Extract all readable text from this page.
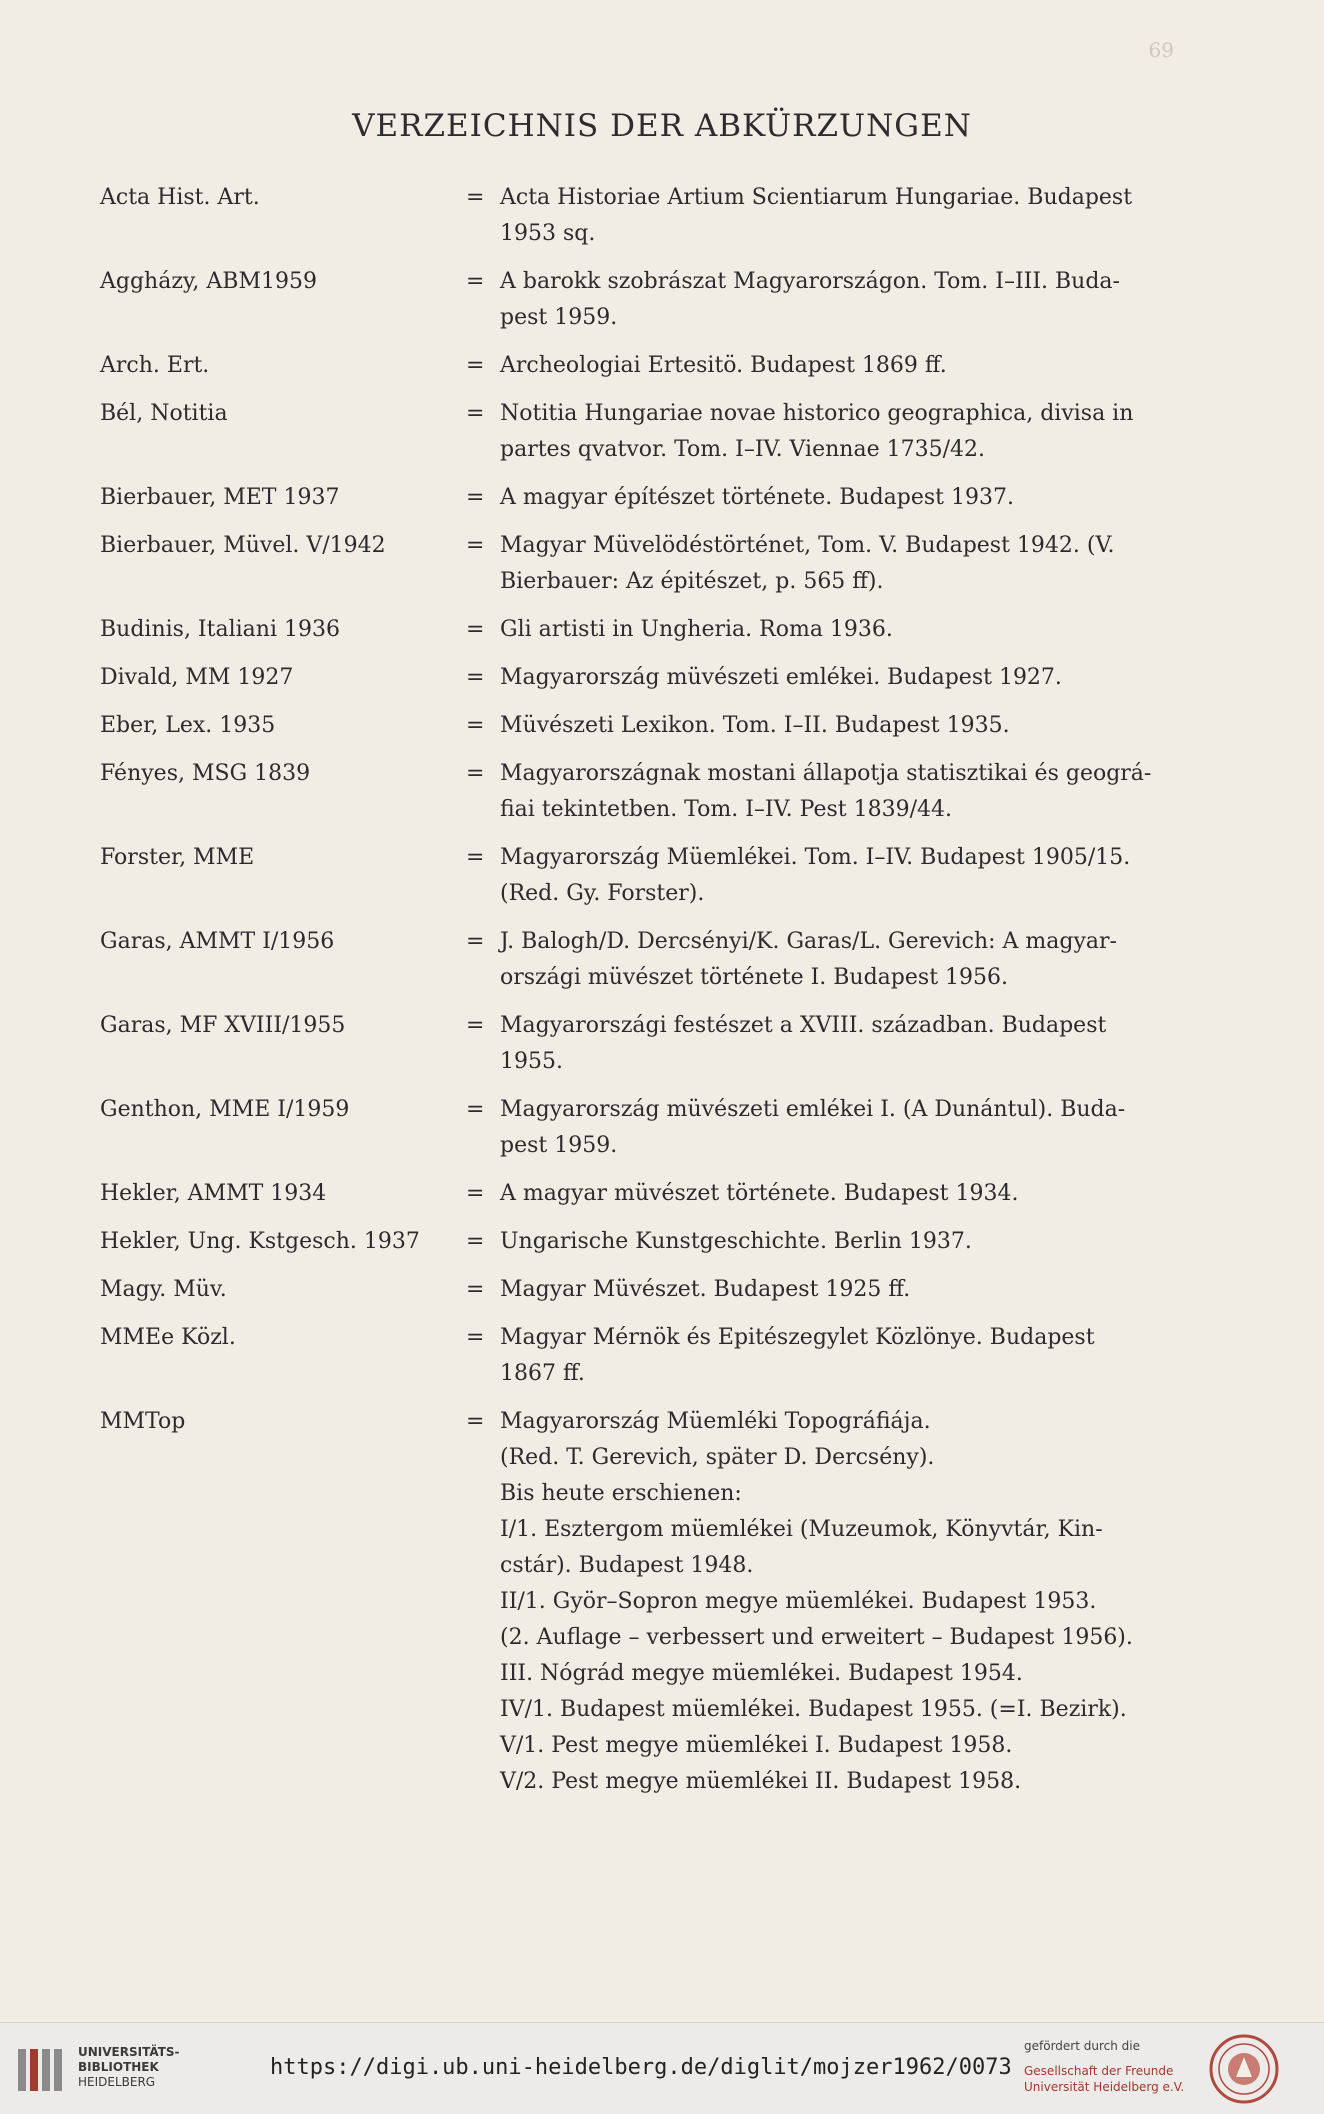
69
VERZEICHNIS DER ABKÜRZUNGEN
Acta Hist. Art.	= Acta Historiae Artium Scientiarum Hungariae. Budapest
1953 sq.
Aggházy, ABM1959	= A barokk szobrászat Magyarországon. Tom. I–III. Buda-
pest 1959.
Arch. Ert.	= Archeologiai Ertesitö. Budapest 1869 ff.
Bél, Notitia	= Notitia Hungariae novae historico geographica, divisa in
partes qvatvor. Tom. I–IV. Viennae 1735/42.
Bierbauer, MET 1937	= A magyar építészet története. Budapest 1937.
Bierbauer, Müvel. V/1942	= Magyar Müvelödéstörténet, Tom. V. Budapest 1942. (V.
Bierbauer: Az épitészet, p. 565 ff).
Budinis, Italiani 1936	= Gli artisti in Ungheria. Roma 1936.
Divald, MM 1927	= Magyarország müvészeti emlékei. Budapest 1927.
Eber, Lex. 1935	= Müvészeti Lexikon. Tom. I–II. Budapest 1935.
Fényes, MSG 1839	= Magyarországnak mostani állapotja statisztikai és geográ-
fiai tekintetben. Tom. I–IV. Pest 1839/44.
Forster, MME	= Magyarország Müemlékei. Tom. I–IV. Budapest 1905/15.
(Red. Gy. Forster).
Garas, AMMT I/1956	= J. Balogh/D. Dercsényi/K. Garas/L. Gerevich: A magyar-
országi müvészet története I. Budapest 1956.
Garas, MF XVIII/1955	= Magyarországi festészet a XVIII. században. Budapest
1955.
Genthon, MME I/1959	= Magyarország müvészeti emlékei I. (A Dunántul). Buda-
pest 1959.
Hekler, AMMT 1934	= A magyar müvészet története. Budapest 1934.
Hekler, Ung. Kstgesch. 1937	= Ungarische Kunstgeschichte. Berlin 1937.
Magy. Müv.	= Magyar Müvészet. Budapest 1925 ff.
MMEe Közl.	= Magyar Mérnök és Epitészegylet Közlönye. Budapest
1867 ff.
MMTop	= Magyarország Müemléki Topográfiája.
(Red. T. Gerevich, später D. Dercsény).
Bis heute erschienen:
I/1. Esztergom müemlékei (Muzeumok, Könyvtár, Kin-
cstár). Budapest 1948.
II/1. Györ–Sopron megye müemlékei. Budapest 1953.
(2. Auflage – verbessert und erweitert – Budapest 1956).
III. Nógrád megye müemlékei. Budapest 1954.
IV/1. Budapest müemlékei. Budapest 1955. (=I. Bezirk).
V/1. Pest megye müemlékei I. Budapest 1958.
V/2. Pest megye müemlékei II. Budapest 1958.
UNIVERSITÄTS-
BIBLIOTHEK
HEIDELBERG
https://digi.ub.uni-heidelberg.de/diglit/mojzer1962/0073
gefördert durch die
Gesellschaft der Freunde
Universität Heidelberg e.V.
